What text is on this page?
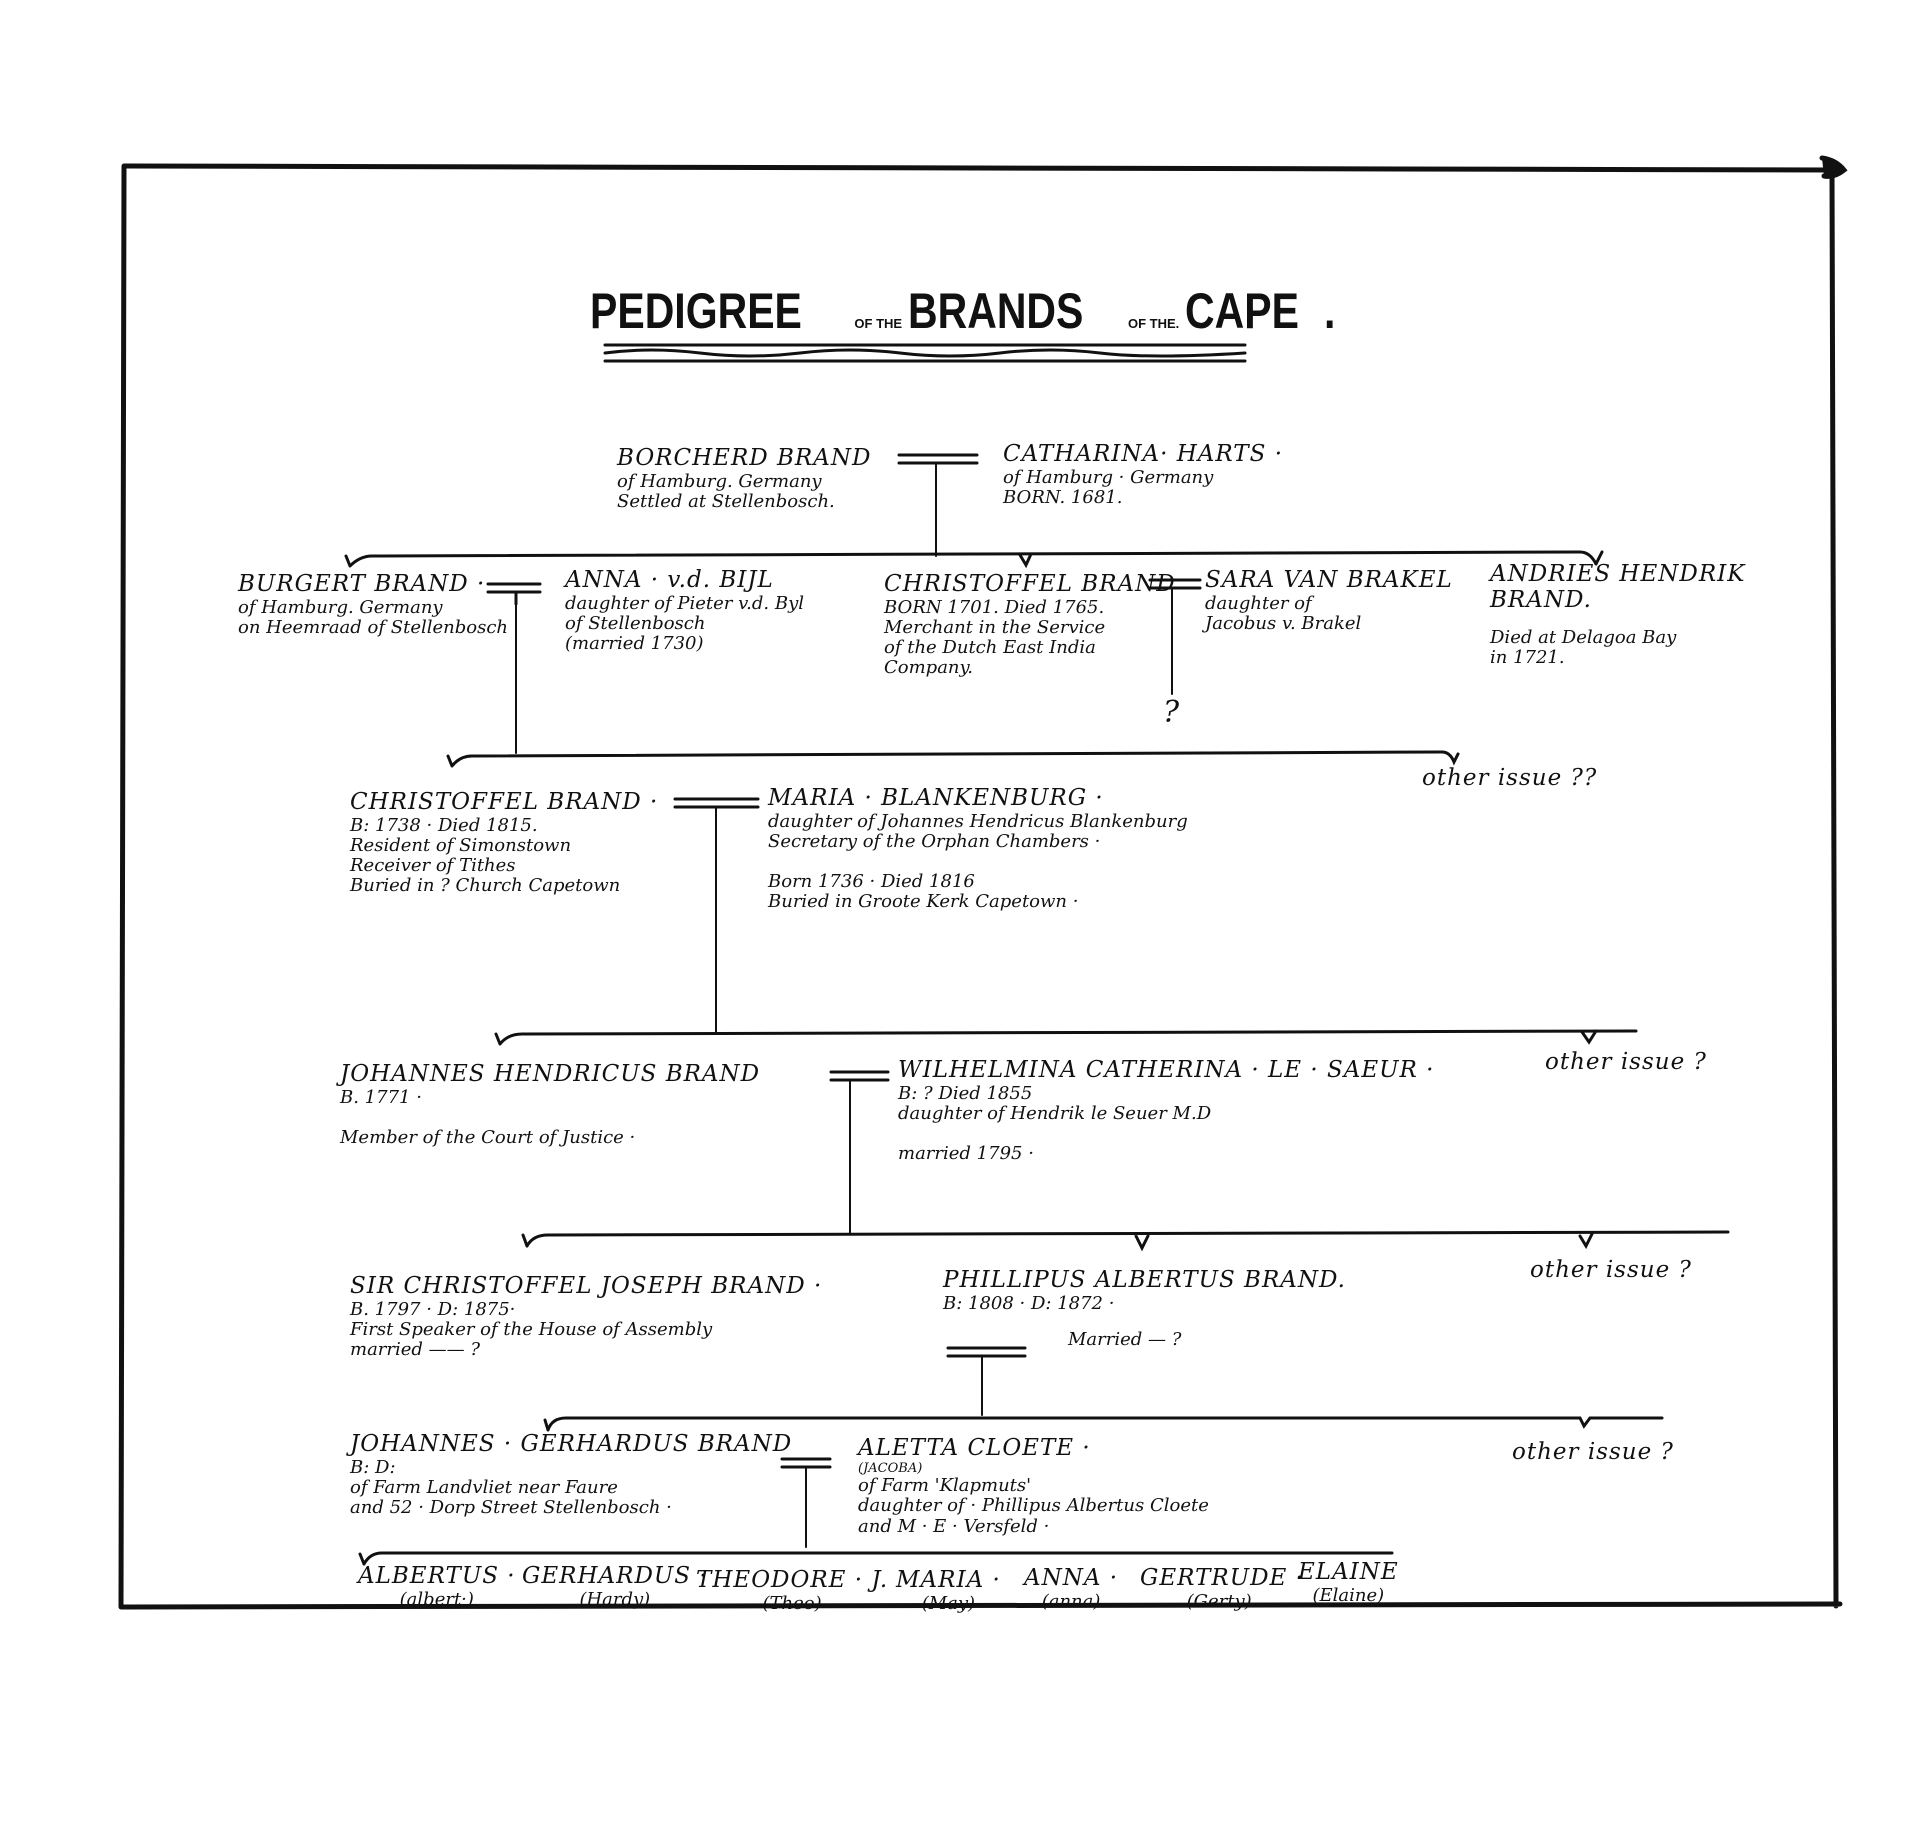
PEDIGREE	OF THE BRANDS	OF THE. CAPE .
BORCHERD BRAND
of Hamburg. Germany
Settled at Stellenbosch.
CATHARINA· HARTS ·
of Hamburg · Germany
BORN. 1681.
BURGERT BRAND ·
of Hamburg. Germany
on Heemraad of Stellenbosch
ANNA · v.d. BIJL
daughter of Pieter v.d. Byl
of Stellenbosch
(married 1730)
CHRISTOFFEL BRAND
BORN 1701. Died 1765.
Merchant in the Service
of the Dutch East India
Company.
SARA VAN BRAKEL
daughter of
Jacobus v. Brakel
ANDRIES HENDRIK
BRAND.
Died at Delagoa Bay
in 1721.
?
CHRISTOFFEL BRAND ·
B: 1738 · Died 1815.
Resident of Simonstown
Receiver of Tithes
Buried in ? Church Capetown
MARIA · BLANKENBURG ·
daughter of Johannes Hendricus Blankenburg
Secretary of the Orphan Chambers ·

Born 1736 · Died 1816
Buried in Groote Kerk Capetown ·
other issue ??
JOHANNES HENDRICUS BRAND
B. 1771 ·

Member of the Court of Justice ·
WILHELMINA CATHERINA · LE · SAEUR ·
B: ? Died 1855
daughter of Hendrik le Seuer M.D

married 1795 ·
other issue ?
SIR CHRISTOFFEL JOSEPH BRAND ·
B. 1797 · D: 1875·
First Speaker of the House of Assembly
married —— ?
PHILLIPUS ALBERTUS BRAND.
B: 1808 · D: 1872 ·
Married — ?
other issue ?
JOHANNES · GERHARDUS BRAND
B: D:
of Farm Landvliet near Faure
and 52 · Dorp Street Stellenbosch ·
ALETTA CLOETE ·
(JACOBA)
of Farm 'Klapmuts'
daughter of · Phillipus Albertus Cloete
and M · E · Versfeld ·
other issue ?
ALBERTUS ·
(albert·)
GERHARDUS ·
(Hardy)
THEODORE · J.
(Theo)
MARIA ·
(May)
ANNA ·
(anna)
GERTRUDE ·
(Gerty).
ELAINE
(Elaine)
